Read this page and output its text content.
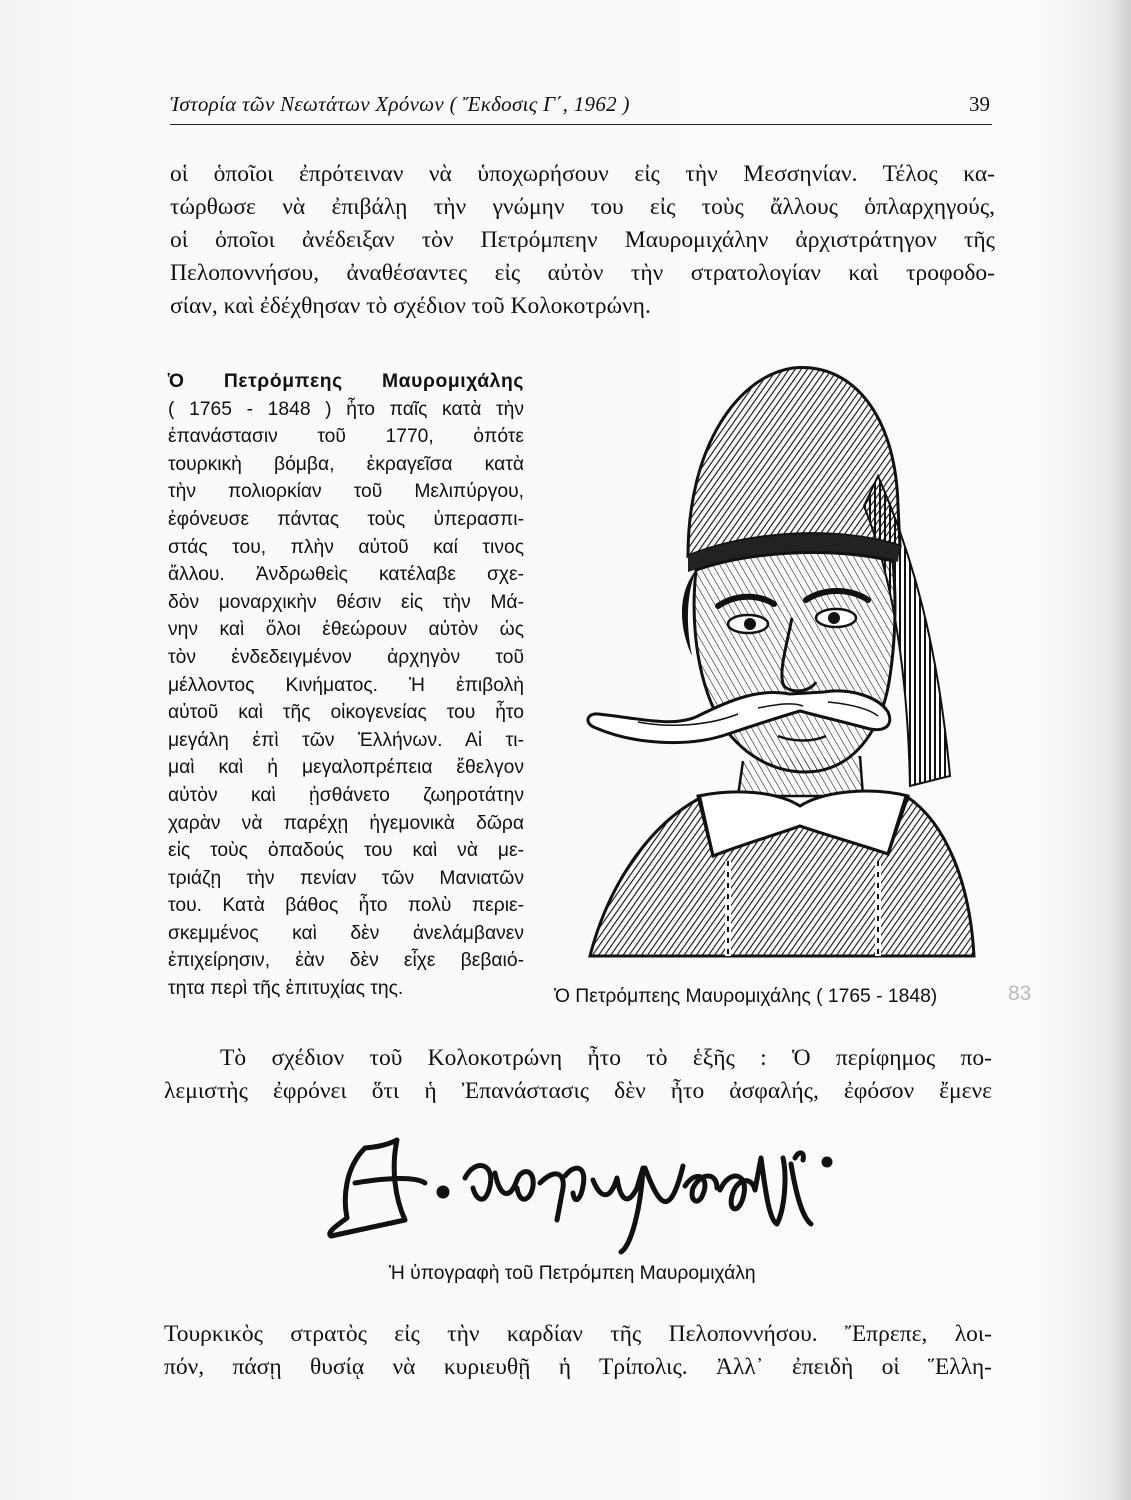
Ἱστορία τῶν Νεωτάτων Χρόνων ( Ἔκδοσις Γ΄, 1962 )	39

οἱ ὁποῖοι ἐπρότειναν νὰ ὑποχωρήσουν εἰς τὴν Μεσσηνίαν. Τέλος κα-
τώρθωσε νὰ ἐπιβάλῃ τὴν γνώμην του εἰς τοὺς ἄλλους ὁπλαρχηγούς,
οἱ ὁποῖοι ἀνέδειξαν τὸν Πετρόμπεην Μαυρομιχάλην ἀρχιστράτηγον τῆς
Πελοποννήσου, ἀναθέσαντες εἰς αὐτὸν τὴν στρατολογίαν καὶ τροφοδο-
σίαν, καὶ ἐδέχθησαν τὸ σχέδιον τοῦ Κολοκοτρώνη.

Ὁ Πετρόμπεης Μαυρομιχάλης
( 1765 - 1848 ) ἦτο παῖς κατὰ τὴν
ἐπανάστασιν τοῦ 1770, ὁπότε
τουρκικὴ βόμβα, ἐκραγεῖσα κατὰ
τὴν πολιορκίαν τοῦ Μελιπύργου,
ἐφόνευσε πάντας τοὺς ὑπερασπι-
στάς του, πλὴν αὐτοῦ καί τινος
ἄλλου. Ἀνδρωθεὶς κατέλαβε σχε-
δὸν μοναρχικὴν θέσιν εἰς τὴν Μά-
νην καὶ ὅλοι ἐθεώρουν αὐτὸν ὡς
τὸν ἐνδεδειγμένον ἀρχηγὸν τοῦ
μέλλοντος Κινήματος. Ἡ ἐπιβολὴ
αὐτοῦ καὶ τῆς οἰκογενείας του ἦτο
μεγάλη ἐπὶ τῶν Ἑλλήνων. Αἱ τι-
μαὶ καὶ ἡ μεγαλοπρέπεια ἔθελγον
αὐτὸν καὶ ᾐσθάνετο ζωηροτάτην
χαρὰν νὰ παρέχῃ ἡγεμονικὰ δῶρα
εἰς τοὺς ὀπαδούς του καὶ νὰ με-
τριάζῃ τὴν πενίαν τῶν Μανιατῶν
του. Κατὰ βάθος ἦτο πολὺ περιε-
σκεμμένος καὶ δὲν ἀνελάμβανεν
ἐπιχείρησιν, ἐὰν δὲν εἶχε βεβαιό-
τητα περὶ τῆς ἐπιτυχίας της.	Ὁ Πετρόμπεης Μαυρομιχάλης ( 1765 - 1848)	83

Τὸ σχέδιον τοῦ Κολοκοτρώνη ἦτο τὸ ἑξῆς : Ὁ περίφημος πο-
λεμιστὴς ἐφρόνει ὅτι ἡ Ἐπανάστασις δὲν ἦτο ἀσφαλής, ἐφόσον ἔμενε

Ἡ ὑπογραφὴ τοῦ Πετρόμπεη Μαυρομιχάλη

Τουρκικὸς στρατὸς εἰς τὴν καρδίαν τῆς Πελοποννήσου. Ἔπρεπε, λοι-
πόν, πάσῃ θυσίᾳ νὰ κυριευθῇ ἡ Τρίπολις. Ἀλλ᾽ ἐπειδὴ οἱ Ἕλλη-
